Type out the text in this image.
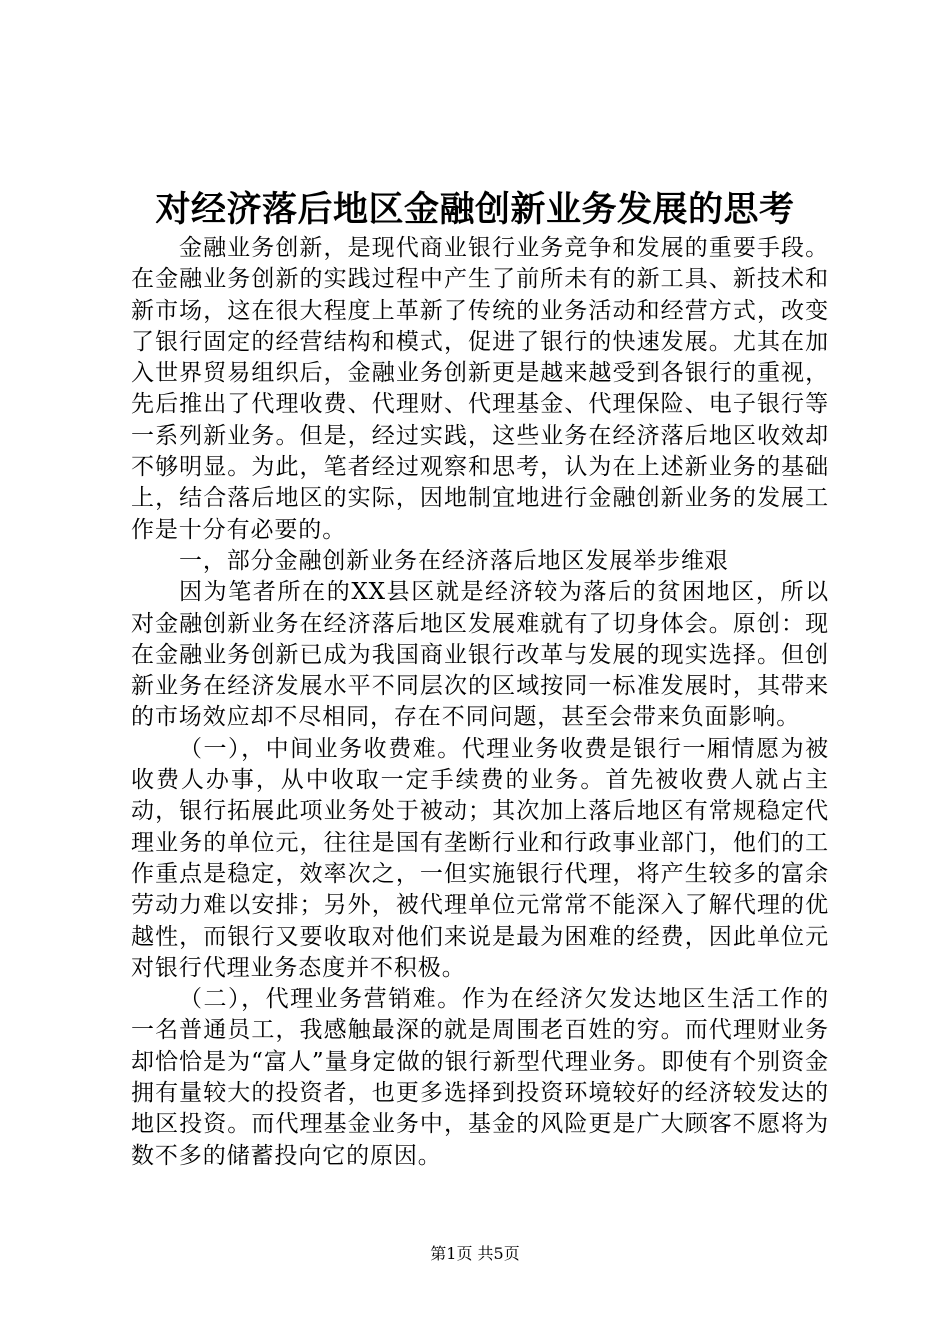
对经济落后地区金融创新业务发展的思考

金融业务创新，是现代商业银行业务竞争和发展的重要手段。在金融业务创新的实践过程中产生了前所未有的新工具、新技术和新市场，这在很大程度上革新了传统的业务活动和经营方式，改变了银行固定的经营结构和模式，促进了银行的快速发展。尤其在加入世界贸易组织后，金融业务创新更是越来越受到各银行的重视，先后推出了代理收费、代理财、代理基金、代理保险、电子银行等一系列新业务。但是，经过实践，这些业务在经济落后地区收效却不够明显。为此，笔者经过观察和思考，认为在上述新业务的基础上，结合落后地区的实际，因地制宜地进行金融创新业务的发展工作是十分有必要的。

一，部分金融创新业务在经济落后地区发展举步维艰

因为笔者所在的XX县区就是经济较为落后的贫困地区，所以对金融创新业务在经济落后地区发展难就有了切身体会。原创：现在金融业务创新已成为我国商业银行改革与发展的现实选择。但创新业务在经济发展水平不同层次的区域按同一标准发展时，其带来的市场效应却不尽相同，存在不同问题，甚至会带来负面影响。

（一），中间业务收费难。代理业务收费是银行一厢情愿为被收费人办事，从中收取一定手续费的业务。首先被收费人就占主动，银行拓展此项业务处于被动；其次加上落后地区有常规稳定代理业务的单位元，往往是国有垄断行业和行政事业部门，他们的工作重点是稳定，效率次之，一但实施银行代理，将产生较多的富余劳动力难以安排；另外，被代理单位元常常不能深入了解代理的优越性，而银行又要收取对他们来说是最为困难的经费，因此单位元对银行代理业务态度并不积极。

（二），代理业务营销难。作为在经济欠发达地区生活工作的一名普通员工，我感触最深的就是周围老百姓的穷。而代理财业务却恰恰是为“富人”量身定做的银行新型代理业务。即使有个别资金拥有量较大的投资者，也更多选择到投资环境较好的经济较发达的地区投资。而代理基金业务中，基金的风险更是广大顾客不愿将为数不多的储蓄投向它的原因。

第1页 共5页
